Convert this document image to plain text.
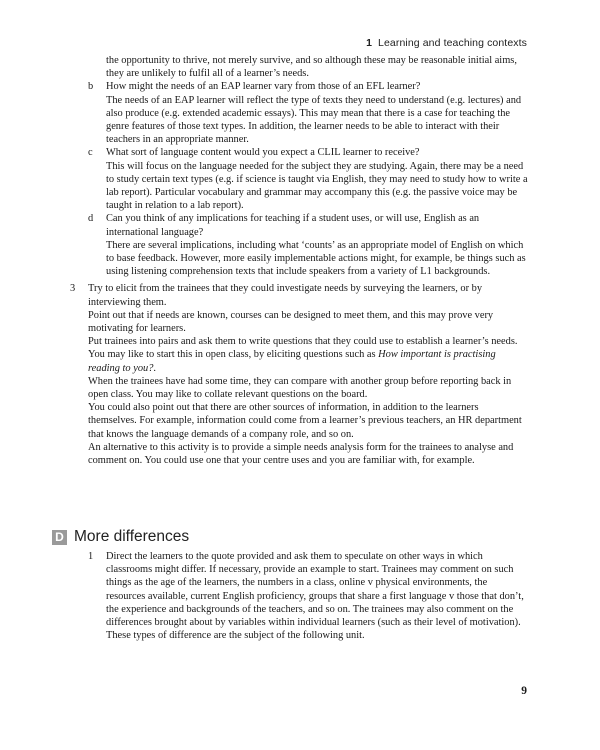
1 Learning and teaching contexts

the opportunity to thrive, not merely survive, and so although these may be reasonable initial aims, they are unlikely to fulfil all of a learner’s needs.

b How might the needs of an EAP learner vary from those of an EFL learner?

The needs of an EAP learner will reflect the type of texts they need to understand (e.g. lectures) and also produce (e.g. extended academic essays). This may mean that there is a case for teaching the genre features of those text types. In addition, the learner needs to be able to interact with their teachers in an appropriate manner.

c What sort of language content would you expect a CLIL learner to receive?

This will focus on the language needed for the subject they are studying. Again, there may be a need to study certain text types (e.g. if science is taught via English, they may need to study how to write a lab report). Particular vocabulary and grammar may accompany this (e.g. the passive voice may be taught in relation to a lab report).

d Can you think of any implications for teaching if a student uses, or will use, English as an international language?

There are several implications, including what ‘counts’ as an appropriate model of English on which to base feedback. However, more easily implementable actions might, for example, be things such as using listening comprehension texts that include speakers from a variety of L1 backgrounds.

3 Try to elicit from the trainees that they could investigate needs by surveying the learners, or by interviewing them.

Point out that if needs are known, courses can be designed to meet them, and this may prove very motivating for learners.

Put trainees into pairs and ask them to write questions that they could use to establish a learner’s needs. You may like to start this in open class, by eliciting questions such as How important is practising reading to you?.

When the trainees have had some time, they can compare with another group before reporting back in open class. You may like to collate relevant questions on the board.

You could also point out that there are other sources of information, in addition to the learners themselves. For example, information could come from a learner’s previous teachers, an HR department that knows the language demands of a company role, and so on.

An alternative to this activity is to provide a simple needs analysis form for the trainees to analyse and comment on. You could use one that your centre uses and you are familiar with, for example.

D More differences
1 Direct the learners to the quote provided and ask them to speculate on other ways in which classrooms might differ. If necessary, provide an example to start. Trainees may comment on such things as the age of the learners, the numbers in a class, online v physical environments, the resources available, current English proficiency, groups that share a first language v those that don’t, the experience and backgrounds of the teachers, and so on. The trainees may also comment on the differences brought about by variables within individual learners (such as their level of motivation). These types of difference are the subject of the following unit.

9
